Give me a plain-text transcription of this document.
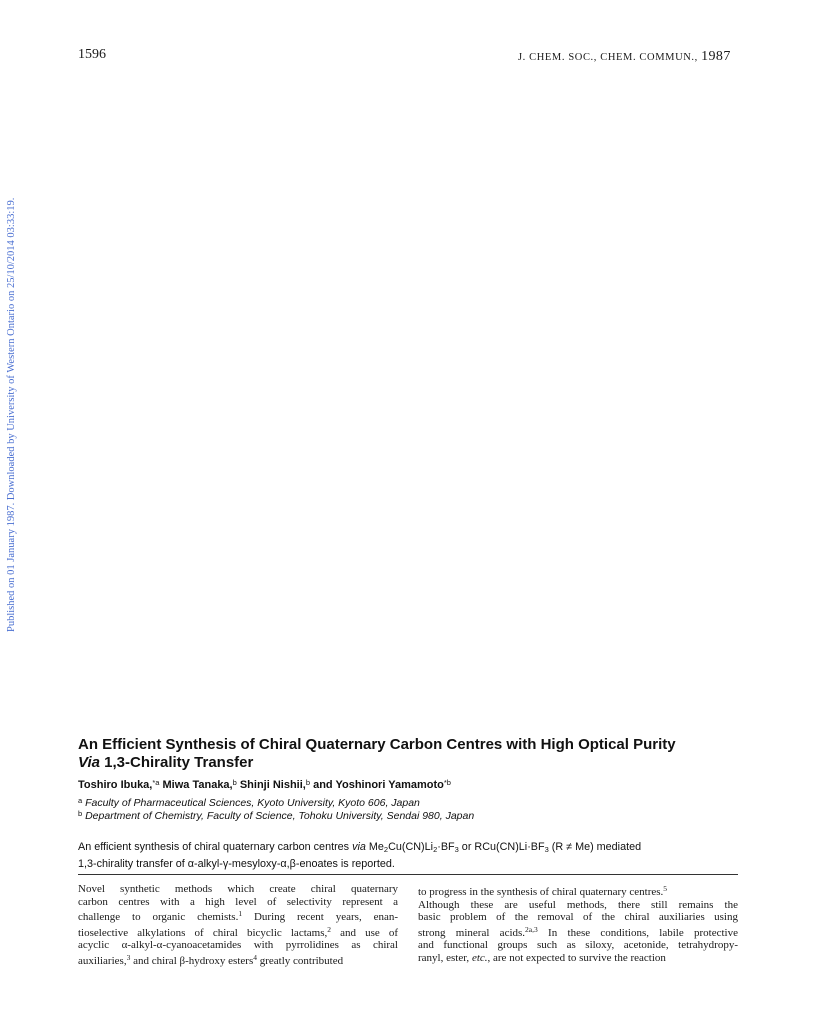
1596	J. CHEM. SOC., CHEM. COMMUN., 1987
Published on 01 January 1987. Downloaded by University of Western Ontario on 25/10/2014 03:33:19.
An Efficient Synthesis of Chiral Quaternary Carbon Centres with High Optical Purity
Via 1,3-Chirality Transfer
Toshiro Ibuka,$^{*a}$ Miwa Tanaka,$^b$ Shinji Nishii,$^b$ and Yoshinori Yamamoto$^{*b}$
$^a$ Faculty of Pharmaceutical Sciences, Kyoto University, Kyoto 606, Japan
$^b$ Department of Chemistry, Faculty of Science, Tohoku University, Sendai 980, Japan
An efficient synthesis of chiral quaternary carbon centres via $Me_2Cu(CN)Li_2\cdot BF_3$ or $RCu(CN)Li\cdot BF_3$ (R ≠ Me) mediated
1,3-chirality transfer of α-alkyl-γ-mesyloxy-α,β-enoates is reported.
Novel synthetic methods which create chiral quaternary
carbon centres with a high level of selectivity represent a
challenge to organic chemists.$^1$ During recent years, enan-
tioselective alkylations of chiral bicyclic lactams,$^2$ and use of
acyclic α-alkyl-α-cyanoacetamides with pyrrolidines as chiral
auxiliaries,$^3$ and chiral β-hydroxy esters$^4$ greatly contributed
to progress in the synthesis of chiral quaternary centres.$^5$
Although these are useful methods, there still remains the
basic problem of the removal of the chiral auxiliaries using
strong mineral acids.$^{2a,3}$ In these conditions, labile protective
and functional groups such as siloxy, acetonide, tetrahydropy-
ranyl, ester, etc., are not expected to survive the reaction
